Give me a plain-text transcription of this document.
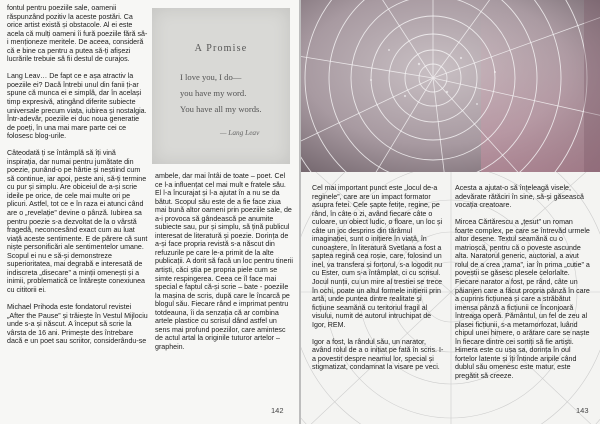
fontul pentru poeziile sale, oamenii răspunzând pozitiv la aceste postări. Ca orice artist există și obstacole. Al ei este acela că mulți oameni îi fură poeziile fără să-i menționeze meritele. De aceea, consideră că e bine ca pentru a putea să-ți afișezi lucrările trebuie să fii destul de curajos.

Lang Leav… De fapt ce e așa atractiv la poeziile ei? Dacă întrebi unul din fanii ți-ar spune că munca ei e simplă, dar în același timp expresivă, atingând diferite subiecte universale precum viața, iubirea și nostalgia. Într-adevăr, poeziile ei duc noua generatie de poeți, în una mai mare parte cei ce folosesc blog-urile.

Câteodată ți se întâmplă să îți vină inspirația, dar numai pentru jumătate din poezie, punând-o pe hârtie și neștiind cum să continue, iar apoi, peste ani, să-ți termine cu pur și simplu. Are obiceiul de a-și scrie ideile pe orice, de cele mai multe ori pe plicuri. Astfel, tot ce e în raza ei atunci când are o „revelație” devine o pânză. Iubirea sa pentru poezie s-a dezvoltat de la o vârstă fragedă, neconcesând exact cum au luat viață aceste sentimente. E de părere că sunt niște personificări ale sentimentelor umane. Scopul ei nu e să-și demonstreze superioritatea, mai degrabă e interesată de indiscreta „disecare” a minții omenești și a inimii, problematică ce întărește conexiunea cu cititorii ei.

Michael Prihoda este fondatorul revistei „After the Pause” și trăiește în Vestul Mijlociu unde s-a și născut. A început să scrie la vârsta de 16 ani. Primește des întrebare dacă e un poet sau scriitor, considerându-se

A Promise
I love you, I do—
you have my word.
You have all my words.
— Lang Leav

ambele, dar mai întâi de toate – poet. Cel ce l-a influențat cel mai mult e fratele său. El l-a încurajat și l-a ajutat în a nu se da bătut. Scopul său este de a fie face ziua mai bună altor oameni prin poeziile sale, de a-i provoca să gândească pe anumite subiecte sau, pur și simplu, să țină publicul interesat de literatură și poezie. Dorința de a-și face propria revistă s-a născut din refuzurile pe care le-a primit de la alte publicații. A dorit să facă un loc pentru tinerii artiști, căci știa pe propria piele cum se simte respingerea. Ceea ce îl face mai special e faptul că-și scrie – bate - poeziile la mașina de scris, după care le încarcă pe blogul său. Fiecare rând e imprimat pentru totdeauna, îi da senzația că ar combina artele plastice cu scrisul dând astfel un sens mai profund poeziilor, care amintesc de actul artal la originile tuturor artelor – graphein.

142

Cel mai important punct este „locul de-a reginele”, care are un impact formator asupra fetei. Cele șapte fetițe, regine, pe rând, în câte o zi, având fiecare câte o culoare, un obiect ludic, o floare, un loc și câte un joc desprins din tărâmul imaginației, sunt o inițiere în viață, în cunoaștere, în literatură Svetlana a fost a șaptea regină cea roșie, care, folosind un inel, va transfera și forțorul, s-a logodit nu cu Ester, cum s-a întâmplat, ci cu scrisul. Jocul nunții, cu un mire al trestiei se trece în ochi, poate un altul formele inițierii prin artă, unde puntea dintre realitate și ficțiune seamănă cu teritoriul fragil al visului, numit de autorul intruchipat de Igor, REM.

Igor a fost, la rândul său, un narator, având rolul de a o inițiat pe fată în scris. I-a povestit despre neamul lor, special și stigmatizat, condamnat la visare pe veci.

Acesta a ajutat-o să înțeleagă visele, adevărate rătăciri în sine, să-și găsească vocația creatoare.

Mircea Cărtărescu a „țesut” un roman foarte complex, pe care se întrevăd urmele altor desene. Textul seamănă cu o matrioșcă, pentru că o poveste ascunde alta. Naratorul generic, auctorial, a avut rolul de a crea „rama”, iar în prima „cutie” a poveștii se găsesc plesele celorlalte. Fiecare narator a fost, pe rând, câte un păianjen care a făcut propria pânză în care a cuprins ficțiunea și care a străbătut imensa pânză a ficțiunii ce înconjoară întreaga operă. Pământul, un fel de zeu al plasei ficțiunii, s-a metamorfozat, luând chipul unei himere, o arătare care se naște în fiecare dintre cei sortiți să fie artiști. Himera este cu ușa sa, dorința în oul fortelor latente și îți întinde aripile când dublul său omenesc este matur, este pregătit să creeze.

143
